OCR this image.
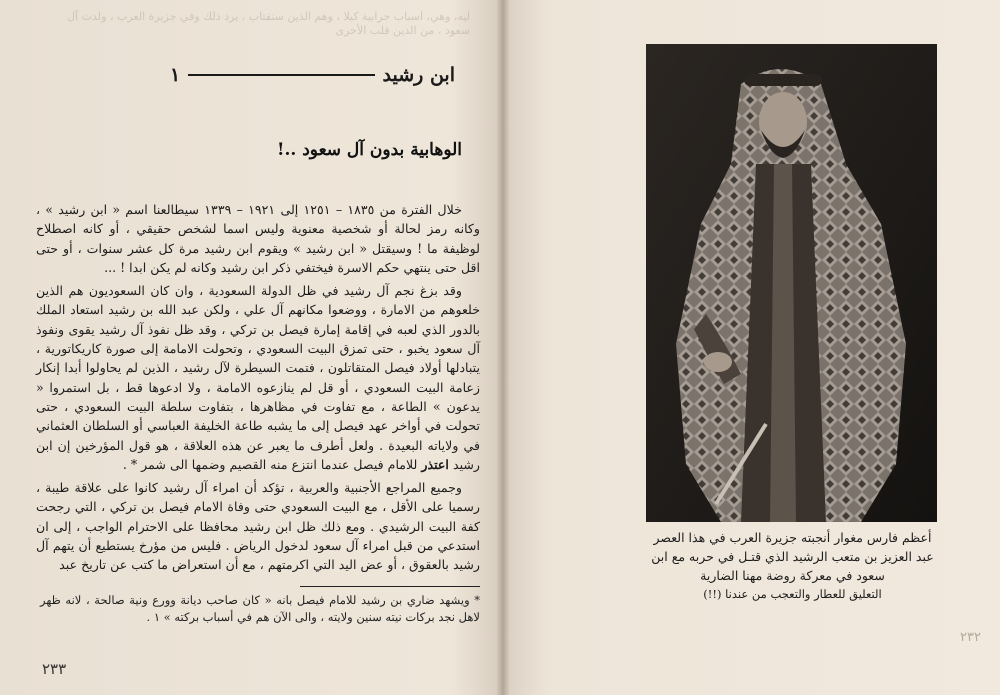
ليه، وهي، اسباب حرابية كيلا ، وهم الذين سنقتاب ، يرد ذلك وفي جزيرة العرب ، ولدت آل سعود ، من الذين قلب الأخرى
ابن رشيد
١
الوهابية بدون آل سعود ..!

خلال الفترة من ١٨٣٥ – ١٢٥١ إلى ١٩٢١ – ١٣٣٩ سيطالعنا اسم « ابن رشيد » ، وكانه رمز لحالة أو شخصية معنوية وليس اسما لشخص حقيقي ، أو كانه اصطلاح لوظيفة ما ! وسيقتل « ابن رشيد » ويقوم ابن رشيد مرة كل عشر سنوات ، أو حتى اقل حتى ينتهي حكم الاسرة فيختفي ذكر ابن رشيد وكانه لم يكن ابدا ! ...

وقد بزغ نجم آل رشيد في ظل الدولة السعودية ، وان كان السعوديون هم الذين خلعوهم من الامارة ، ووضعوا مكانهم آل علي ، ولكن عبد الله بن رشيد استعاد الملك بالدور الذي لعبه في إقامة إمارة فيصل بن تركي ، وقد ظل نفوذ آل رشيد يقوى ونفوذ آل سعود يخبو ، حتى تمزق البيت السعودي ، وتحولت الامامة إلى صورة كاريكاتورية ، يتبادلها أولاد فيصل المتقاتلون ، فتمت السيطرة لآل رشيد ، الذين لم يحاولوا أبدا إنكار زعامة البيت السعودي ، أو قل لم ينازعوه الامامة ، ولا ادعوها قط ، بل استمروا « يدعون » الطاعة ، مع تفاوت في مظاهرها ، بتفاوت سلطة البيت السعودي ، حتى تحولت في أواخر عهد فيصل إلى ما يشبه طاعة الخليفة العباسي أو السلطان العثماني في ولاياته البعيدة . ولعل أطرف ما يعبر عن هذه العلاقة ، هو قول المؤرخين إن ابن رشيد اعتذر للامام فيصل عندما انتزع منه القصيم وضمها الى شمر * .

وجميع المراجع الأجنبية والعربية ، تؤكد أن امراء آل رشيد كانوا على علاقة طيبة ، رسميا على الأقل ، مع البيت السعودي حتى وفاة الامام فيصل بن تركي ، التي رجحت كفة البيت الرشيدي . ومع ذلك ظل ابن رشيد محافظا على الاحترام الواجب ، إلى ان استدعي من قبل امراء آل سعود لدخول الرياض . فليس من مؤرخ يستطيع أن يتهم آل رشيد بالعقوق ، أو عض اليد التي اكرمتهم ، مع أن استعراض ما كتب عن تاريخ عبد

* ويشهد ضاري بن رشيد للامام فيصل بانه « كان صاحب ديانة وورع ونية صالحة ، لانه ظهر لاهل نجد بركات نيته سنين ولايته ، والى الآن هم في أسباب بركته » ١ .
٢٣٣
أعظم فارس مغوار أنجبته جزيرة العرب في هذا العصر
عبد العزيز بن متعب الرشيد الذي قتـل في حربه مع ابن
سعود في معركة روضة مهنا الضارية
التعليق للعطار والتعجب من عندنا (!!)
٢٣٢
